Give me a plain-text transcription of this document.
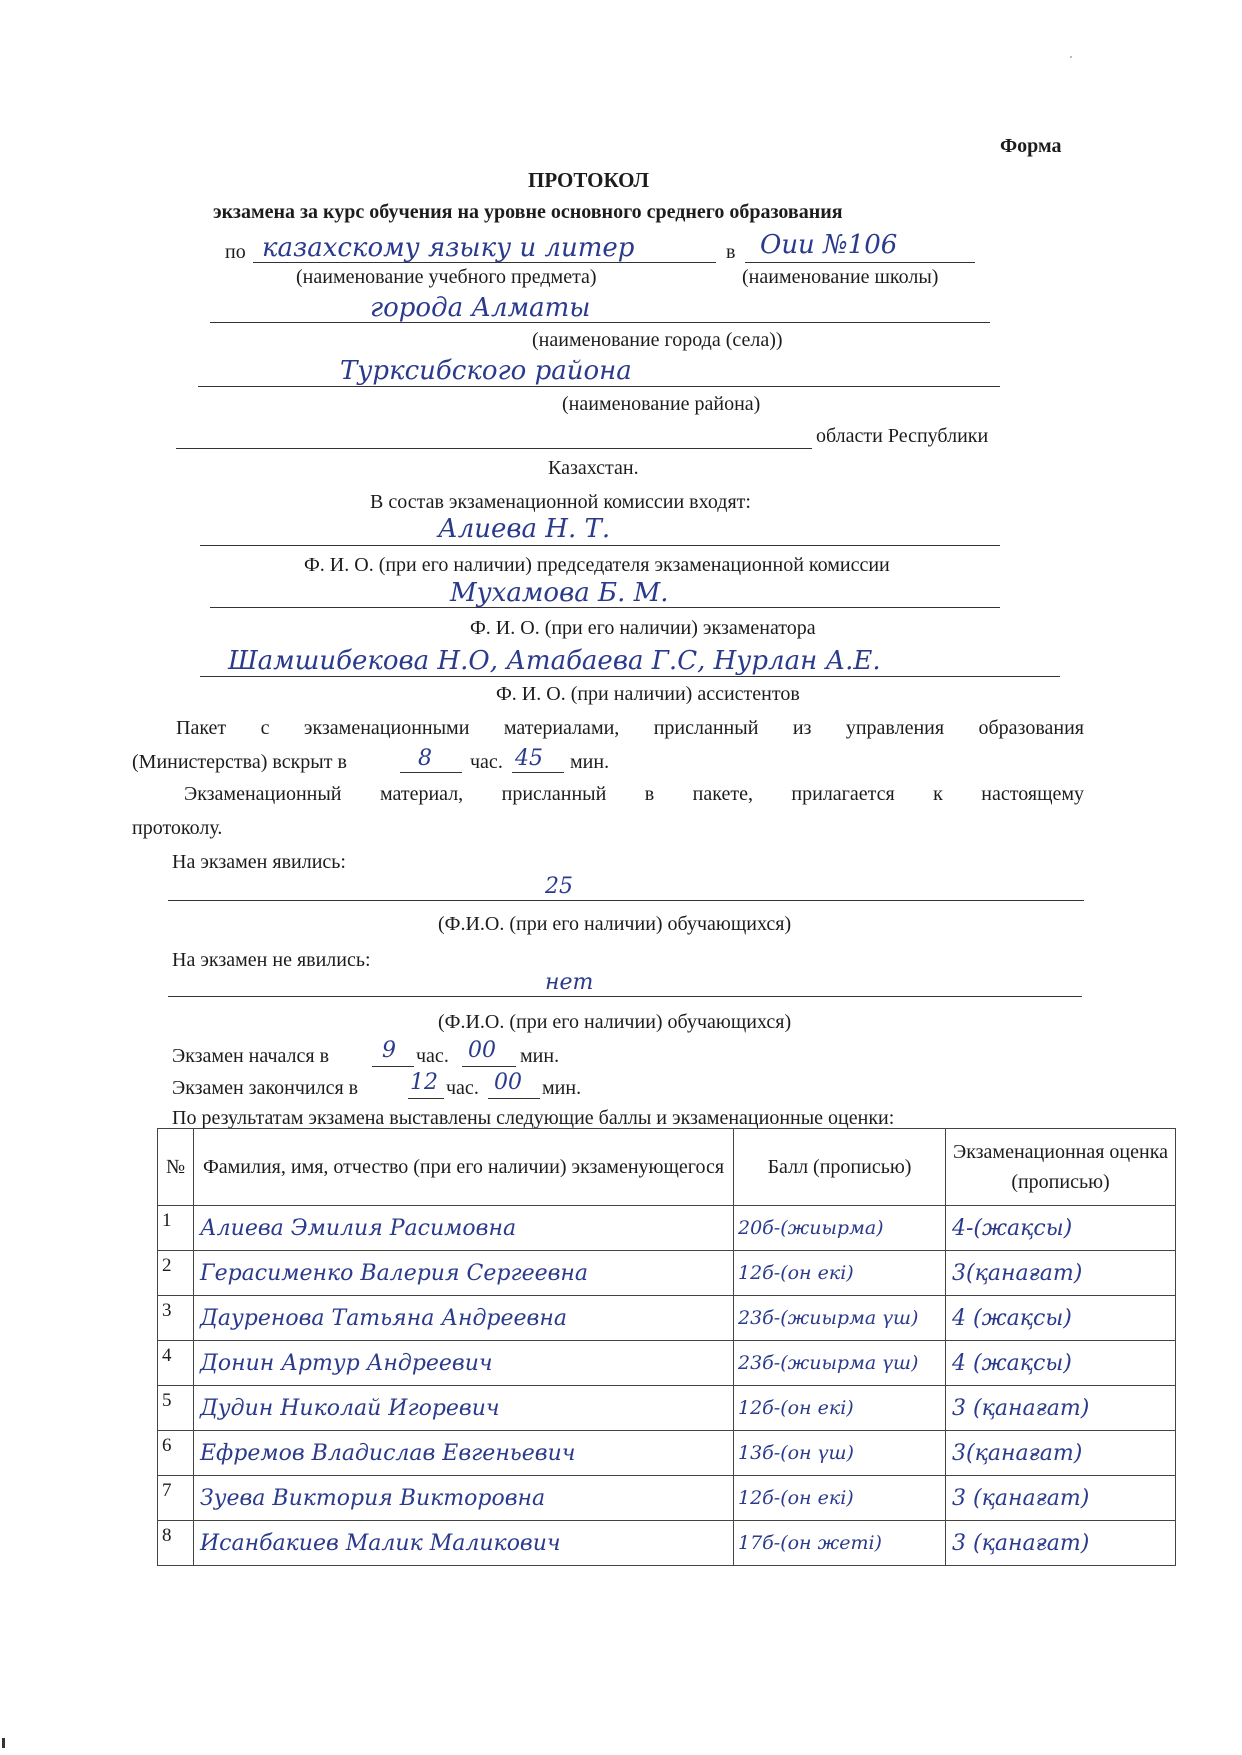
Форма
ПРОТОКОЛ
экзамена за курс обучения на уровне основного среднего образования
по казахскому языку и литер	в Оии №106
(наименование учебного предмета)	(наименование школы)
города Алматы
(наименование города (села))
Турксибского района
(наименование района)
области Республики
Казахстан.
В состав экзаменационной комиссии входят:
Алиева Н. Т.
Ф. И. О. (при его наличии) председателя экзаменационной комиссии
Мухамова Б. М.
Ф. И. О. (при его наличии) экзаменатора
Шамшибекова Н.О, Атабаева Г.С, Нурлан А.Е.
Ф. И. О. (при наличии) ассистентов
Пакет с экзаменационными материалами, присланный из управления образования
(Министерства) вскрыт в	8 час. 45 мин.
Экзаменационный материал, присланный в пакете, прилагается к настоящему
протоколу.
На экзамен явились:
25
(Ф.И.О. (при его наличии) обучающихся)
На экзамен не явились:
нет
(Ф.И.О. (при его наличии) обучающихся)
Экзамен начался в 9 час. 00 мин.
Экзамен закончился в 12 час. 00 мин.
По результатам экзамена выставлены следующие баллы и экзаменационные оценки:
№	Фамилия, имя, отчество (при его наличии) экзаменующегося	Балл (прописью)	Экзаменационная оценка (прописью)
1	Алиева Эмилия Расимовна	20б-(жиырма)	4-(жақсы)
2	Герасименко Валерия Сергеевна	12б-(он екі)	3(қанағат)
3	Дауренова Татьяна Андреевна	23б-(жиырма үш)	4 (жақсы)
4	Донин Артур Андреевич	23б-(жиырма үш)	4 (жақсы)
5	Дудин Николай Игоревич	12б-(он екі)	3 (қанағат)
6	Ефремов Владислав Евгеньевич	13б-(он үш)	3(қанағат)
7	Зуева Виктория Викторовна	12б-(он екі)	3 (қанағат)
8	Исанбакиев Малик Маликович	17б-(он жеті)	3 (қанағат)
